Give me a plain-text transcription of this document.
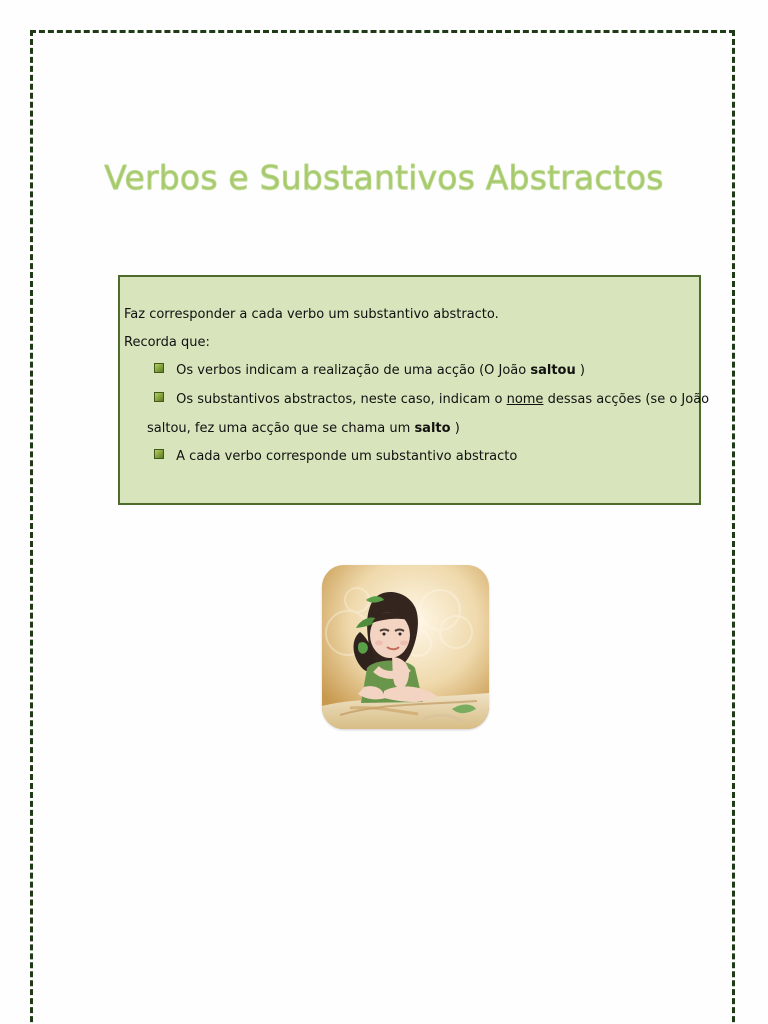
Verbos e Substantivos Abstractos
Faz corresponder a cada verbo um substantivo abstracto.
Recorda que:
Os verbos indicam a realização de uma acção (O João saltou )
Os substantivos abstractos, neste caso, indicam o nome dessas acções (se o João
saltou, fez uma acção que se chama um salto )
A cada verbo corresponde um substantivo abstracto
